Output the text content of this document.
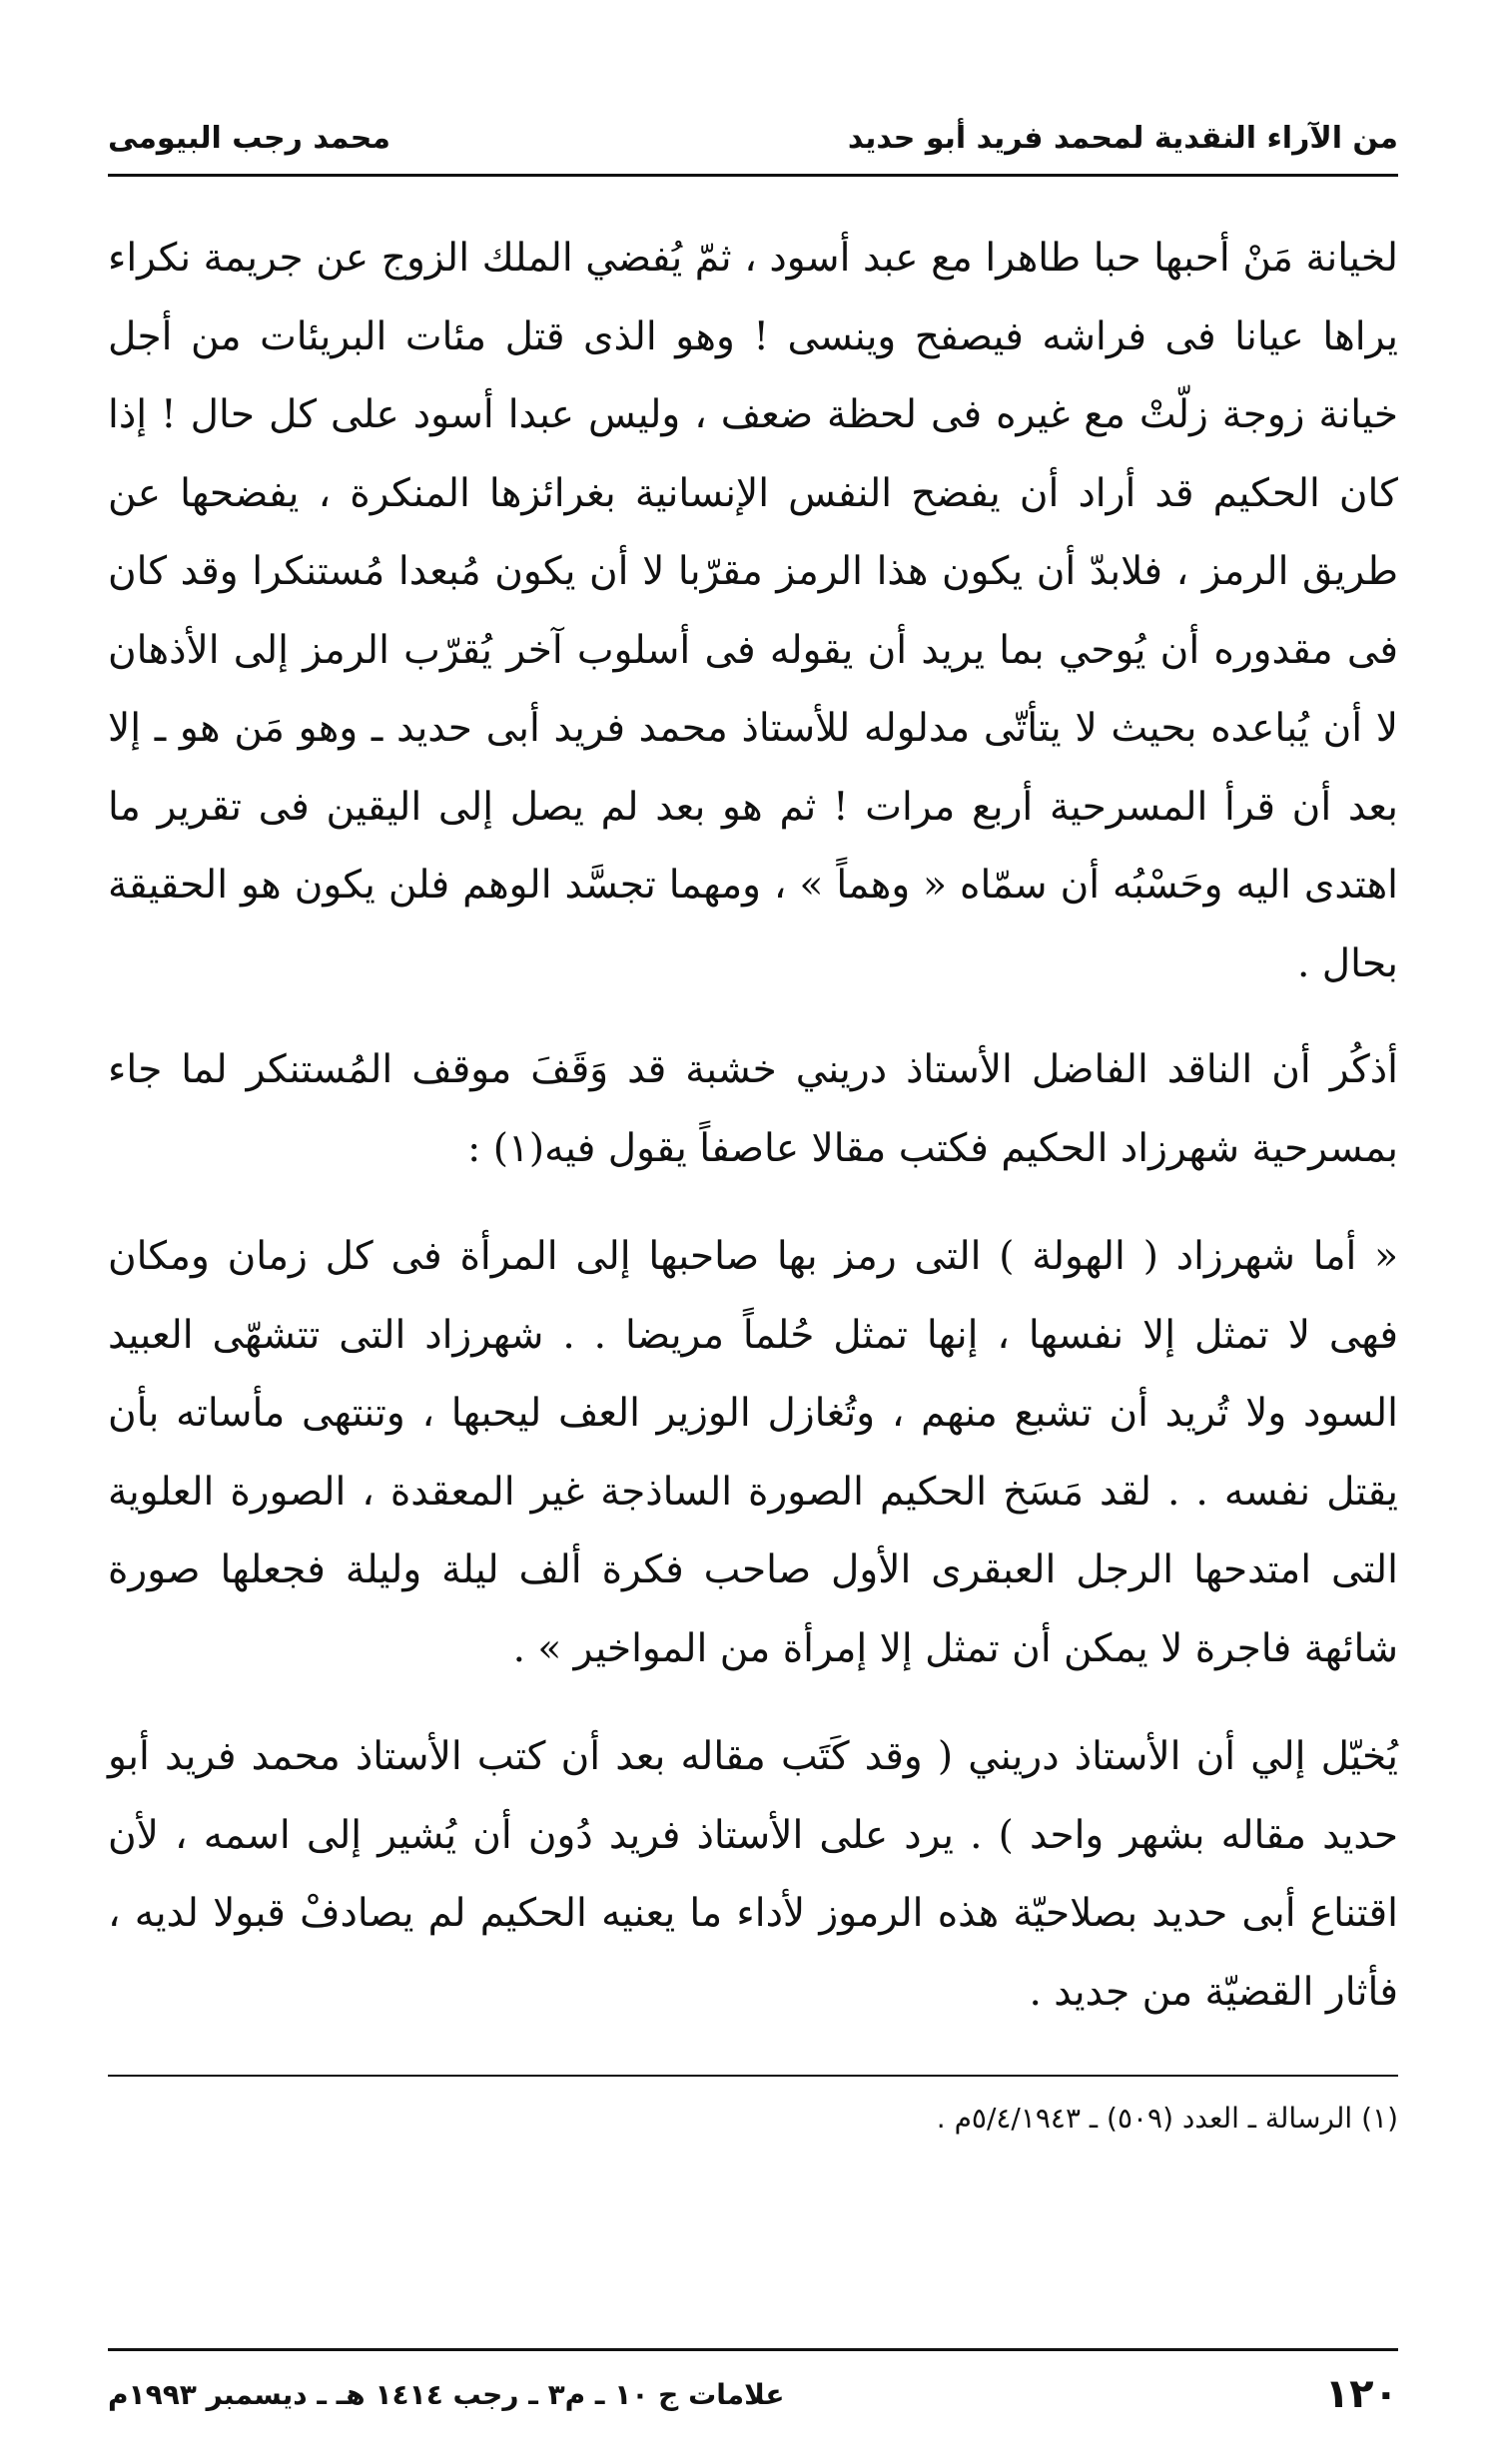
من الآراء النقدية لمحمد فريد أبو حديد
محمد رجب البيومى

لخيانة مَنْ أحبها حبا طاهرا مع عبد أسود ، ثمّ يُفضي الملك الزوج عن جريمة نكراء يراها عيانا فى فراشه فيصفح وينسى ! وهو الذى قتل مئات البريئات من أجل خيانة زوجة زلّتْ مع غيره فى لحظة ضعف ، وليس عبدا أسود على كل حال ! إذا كان الحكيم قد أراد أن يفضح النفس الإنسانية بغرائزها المنكرة ، يفضحها عن طريق الرمز ، فلابدّ أن يكون هذا الرمز مقرّبا لا أن يكون مُبعدا مُستنكرا وقد كان فى مقدوره أن يُوحي بما يريد أن يقوله فى أسلوب آخر يُقرّب الرمز إلى الأذهان لا أن يُباعده بحيث لا يتأتّى مدلوله للأستاذ محمد فريد أبى حديد ـ وهو مَن هو ـ إلا بعد أن قرأ المسرحية أربع مرات ! ثم هو بعد لم يصل إلى اليقين فى تقرير ما اهتدى اليه وحَسْبُه أن سمّاه « وهماً » ، ومهما تجسَّد الوهم فلن يكون هو الحقيقة بحال .

أذكُر أن الناقد الفاضل الأستاذ دريني خشبة قد وَقَفَ موقف المُستنكر لما جاء بمسرحية شهرزاد الحكيم فكتب مقالا عاصفاً يقول فيه(١) :

« أما شهرزاد ( الهولة ) التى رمز بها صاحبها إلى المرأة فى كل زمان ومكان فهى لا تمثل إلا نفسها ، إنها تمثل حُلماً مريضا . . شهرزاد التى تتشهّى العبيد السود ولا تُريد أن تشبع منهم ، وتُغازل الوزير العف ليحبها ، وتنتهى مأساته بأن يقتل نفسه . . لقد مَسَخ الحكيم الصورة الساذجة غير المعقدة ، الصورة العلوية التى امتدحها الرجل العبقرى الأول صاحب فكرة ألف ليلة وليلة فجعلها صورة شائهة فاجرة لا يمكن أن تمثل إلا إمرأة من المواخير » .

يُخيّل إلي أن الأستاذ دريني ( وقد كَتَب مقاله بعد أن كتب الأستاذ محمد فريد أبو حديد مقاله بشهر واحد ) . يرد على الأستاذ فريد دُون أن يُشير إلى اسمه ، لأن اقتناع أبى حديد بصلاحيّة هذه الرموز لأداء ما يعنيه الحكيم لم يصادفْ قبولا لديه ، فأثار القضيّة من جديد .

(١) الرسالة ـ العدد (٥٠٩) ـ ٥/٤/١٩٤٣م .
١٢٠
علامات ج ١٠ ـ م٣ ـ رجب ١٤١٤ هـ ـ ديسمبر ١٩٩٣م
